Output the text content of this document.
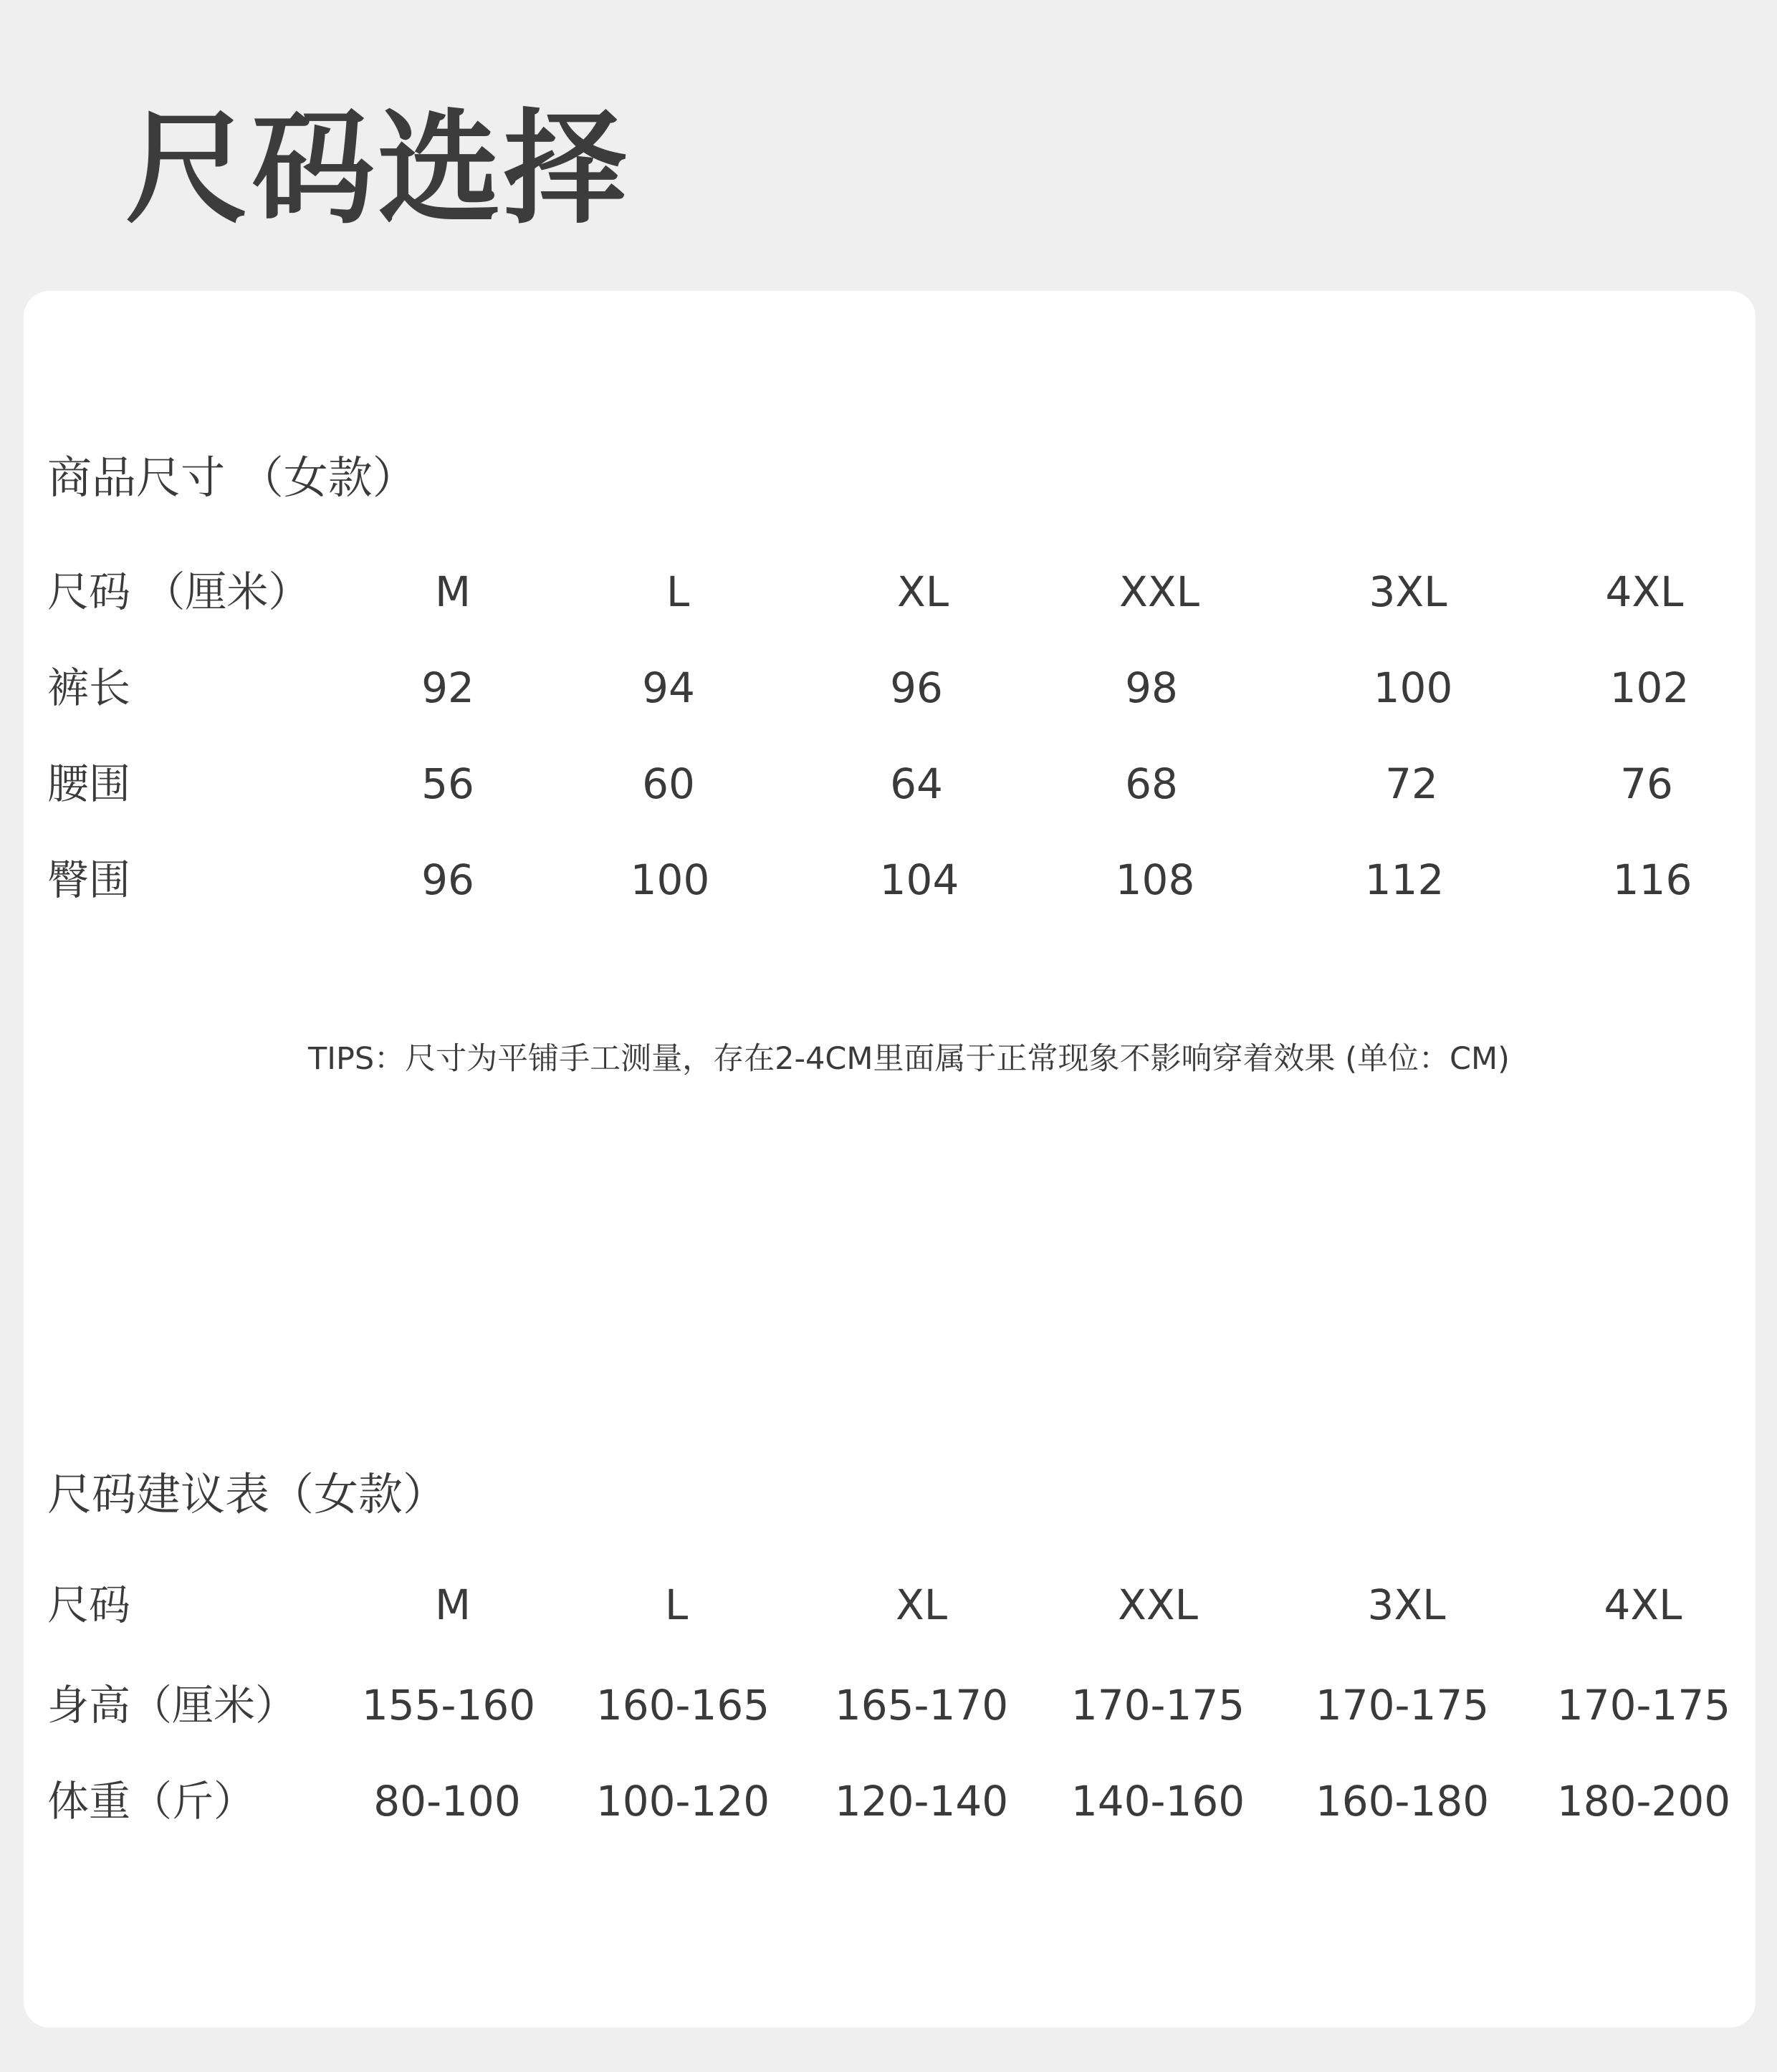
尺码选择
商品尺寸 （女款）
尺码 （厘米）	M	L	XL	XXL	3XL	4XL
裤长	92	94	96	98	100	102
腰围	56	60	64	68	72	76
臀围	96	100	104	108	112	116
TIPS：尺寸为平铺手工测量，存在2-4CM里面属于正常现象不影响穿着效果 (单位：CM)
尺码建议表（女款）
尺码	M	L	XL	XXL	3XL	4XL
身高（厘米）	155-160	160-165	165-170	170-175	170-175	170-175
体重（斤）	80-100	100-120	120-140	140-160	160-180	180-200
